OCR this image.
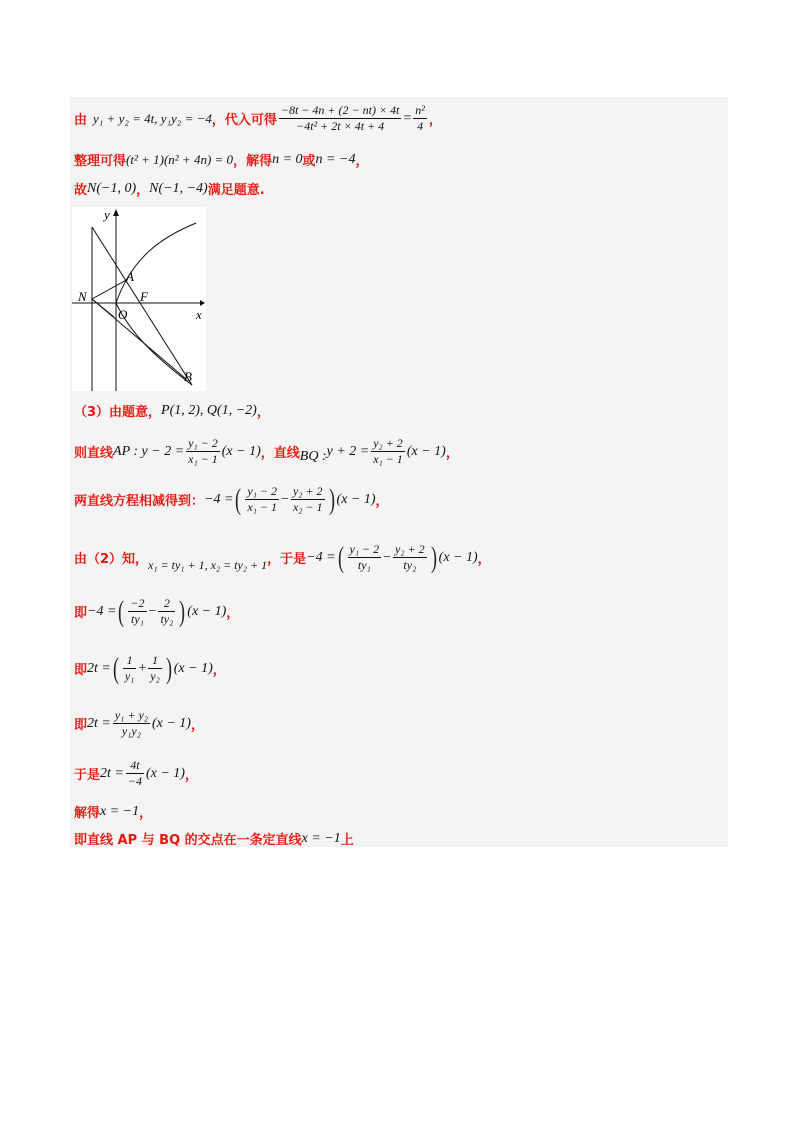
由 y₁ + y₂ = 4t, y₁y₂ = −4 ，代入可得 $\frac{-8t - 4n + (2 - nt) \times 4t}{\text{−4t² + 2t × 4t + 4}} = \frac{\text{n²}}{4}$ ，
整理可得 (t² + 1)(n² + 4n) = 0 ，解得 n = 0 或 n = −4 ，
故 N(−1, 0) ， N(−1, −4) 满足题意.
y
x
A
N	F
O
B
（3）由题意， P(1, 2), Q(1, −2) ，
则直线 AP : $y - 2 = \frac{\text{y₁ − 2}}{\text{x₁ − 1}} (x - 1)$ ，直线 BQ : $y + 2 = \frac{\text{y₂ + 2}}{\text{x₁ − 1}} (x - 1)$ ，
两直线方程相减得到： −4 = ( $\frac{\text{y₁ − 2}}{\text{x₁ − 1}} - \frac{\text{y₂ + 2}}{\text{x₂ − 1}}$ ) (x − 1) ，
由（2）知， x₁ = ty₁ + 1, x₂ = ty₂ + 1 ，于是 −4 = ( $\frac{\text{y₁ − 2}}{\text{ty₁}} - \frac{\text{y₂ + 2}}{\text{ty₂}}$ ) (x − 1) ，
即 −4 = ( $\frac{-2}{\text{ty₁}} - \frac{2}{\text{ty₂}}$ ) (x − 1) ，
即 2t = ( $\frac{1}{\text{y₁}} + \frac{1}{\text{y₂}}$ ) (x − 1) ，
即 $2t = \frac{\text{y₁ + y₂}}{\text{y₁y₂}} (x - 1)$ ，
于是 $2t = \frac{4t}{-4} (x - 1)$ ，
解得 x = −1 ，
即直线 AP 与 BQ 的交点在一条定直线 x = −1 上
